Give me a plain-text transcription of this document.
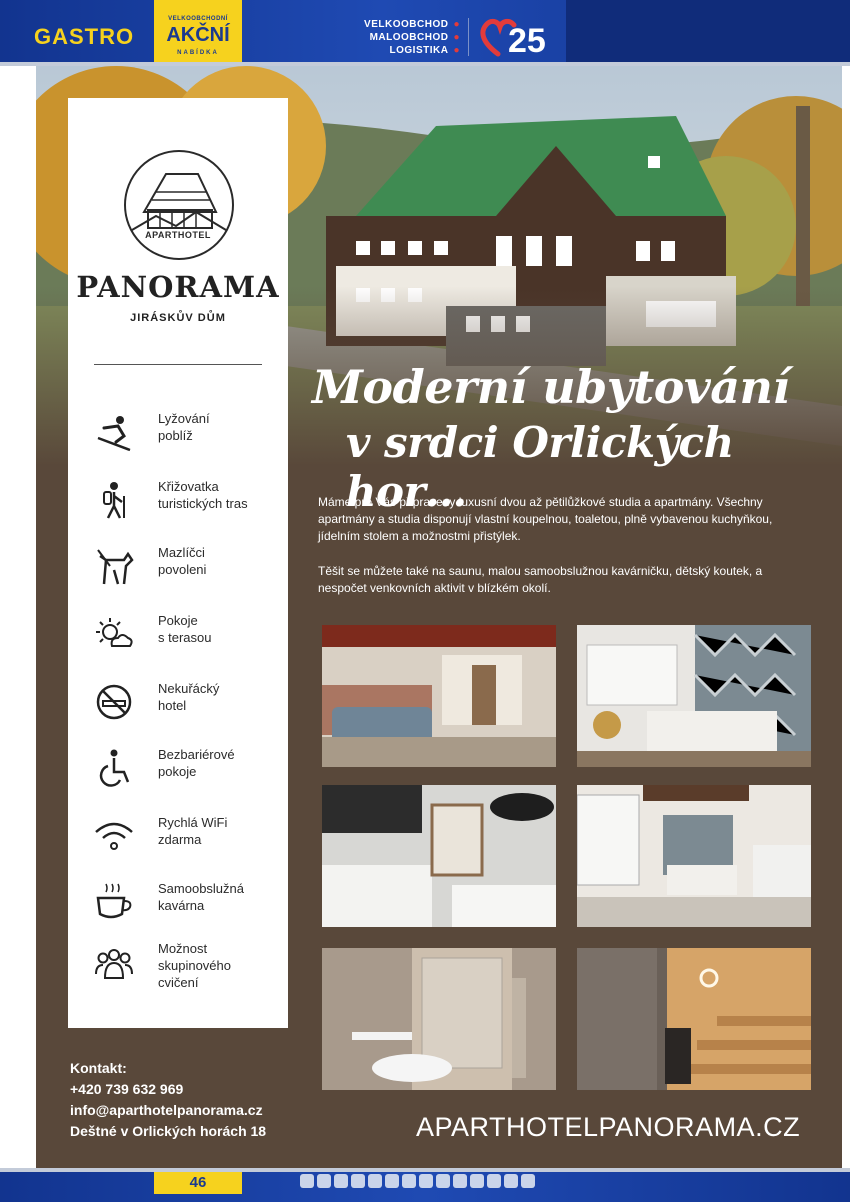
GASTRO
VELKOOBCHODNÍ
AKČNÍ
NABÍDKA
VELKOOBCHOD ●
MALOOBCHOD ●
LOGISTIKA ● 25
APARTHOTEL
PANORAMA
JIRÁSKŮV DŮM
Lyžování
poblíž
Křižovatka
turistických tras
Mazlíčci
povoleni
Pokoje
s terasou
Nekuřácký
hotel
Bezbariérové
pokoje
Rychlá WiFi
zdarma
Samoobslužná
kavárna
Možnost
skupinového
cvičení
Moderní ubytování
v srdci Orlických hor…
Máme pro Vás připraveny luxusní dvou až pětilůžkové studia a apartmány. Všechny apartmány a studia disponují vlastní koupelnou, toaletou, plně vybavenou kuchyňkou, jídelním stolem a možnostmi přistýlek.
Těšit se můžete také na saunu, malou samoobslužnou kavárničku, dětský koutek, a nespočet venkovních aktivit v blízkém okolí.
Kontakt:
+420 739 632 969
info@aparthotelpanorama.cz
Deštné v Orlických horách 18	APARTHOTELPANORAMA.CZ
46
